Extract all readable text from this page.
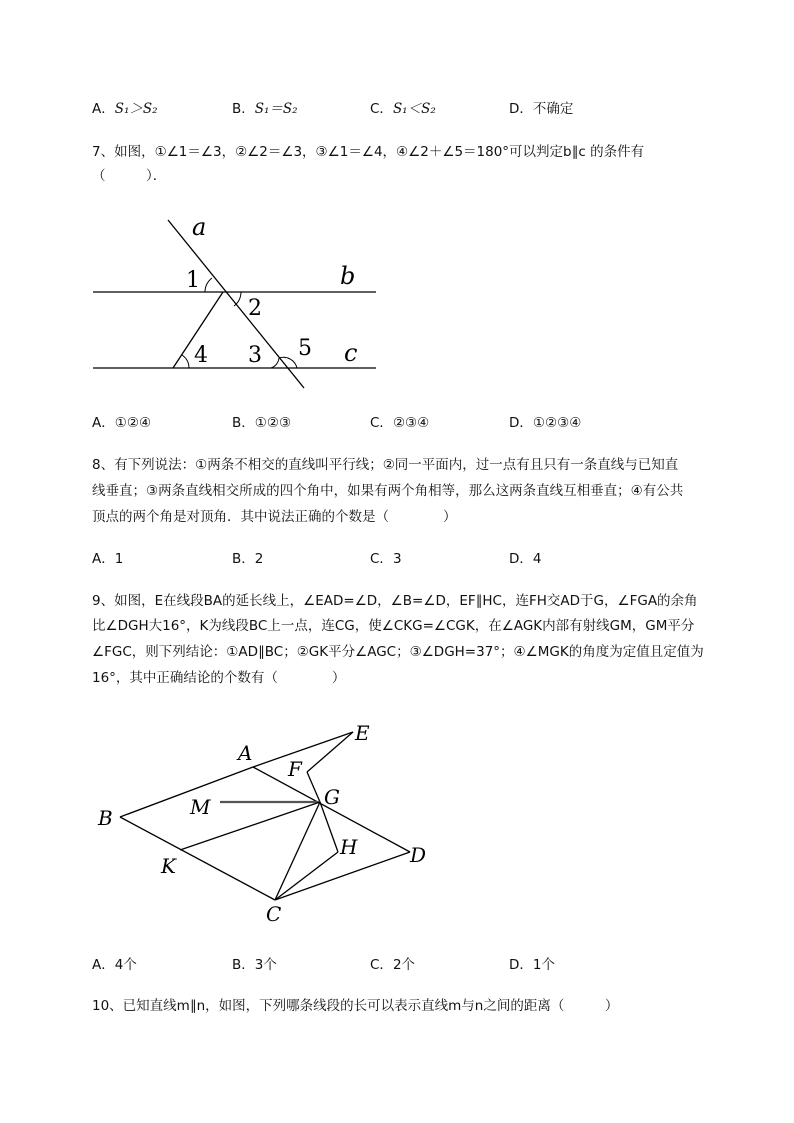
A．S₁＞S₂	B．S₁＝S₂	C．S₁＜S₂	D．不确定
7、如图，①∠1＝∠3，②∠2＝∠3，③∠1＝∠4，④∠2＋∠5＝180°可以判定b∥c 的条件有
（　　　）．
a
b
c
1
2
4 3 5
A．①②④	B．①②③	C．②③④	D．①②③④
8、有下列说法：①两条不相交的直线叫平行线；②同一平面内，过一点有且只有一条直线与已知直
线垂直；③两条直线相交所成的四个角中，如果有两个角相等，那么这两条直线互相垂直；④有公共
顶点的两个角是对顶角．其中说法正确的个数是（　　　　）
A．1	B．2	C．3	D．4
9、如图，E在线段BA的延长线上，∠EAD=∠D，∠B=∠D，EF∥HC，连FH交AD于G，∠FGA的余角
比∠DGH大16°，K为线段BC上一点，连CG，使∠CKG=∠CGK，在∠AGK内部有射线GM，GM平分
∠FGC，则下列结论：①AD∥BC；②GK平分∠AGC；③∠DGH=37°；④∠MGK的角度为定值且定值为
16°，其中正确结论的个数有（　　　　）
A
E
F
M	G
B
H	D
K
C
A．4个	B．3个	C．2个	D．1个
10、已知直线m∥n，如图，下列哪条线段的长可以表示直线m与n之间的距离（　　　）
